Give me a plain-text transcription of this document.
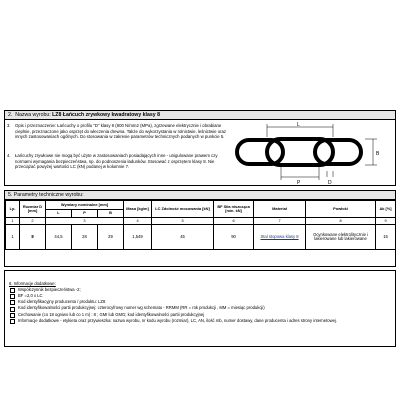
2. Nazwa wyrobu: LZ8 Łańcuch zrywkowy kwadratowy klasy 8
3. Opis i przeznaczenie: Łańcuchy o profilu "D" klasy 8 (800 N/mm2 (MPa), zgrzewane elektrycznie i obrabiane cieplnie, przeznaczone jako osprzęt do wleczenia drewna. Także do wykorzystania w rolnictwie, leśnictwie oraz innych zastosowaniach ogólnych. Do stosowania w zakresie parametrów technicznych podanych w punkcie 5.
4. Łańcuchy zrywkowe nie mogą być użyte w zastosowaniach posiadających inne - unigulowane prawem czy normami wymagania bezpieczeństwa, np. do podnoszenia ładunków. Stosować z osprzętem klasy 8. Nie przeciążać powyżej wartości LC (kN) podanej w kolumnie 7.
L
B
P	D
5. Parametry techniczne wyrobu:
Lp.	Rozmiar D [mm]	Wymiary nominalne [mm]			Masa [kg/m]	LC Zdolność mocowania [kN]	BF Siła niszcząca [min. kN]	Materiał	Powłoki	Ak [%]
		L	P	B						
1	2	3			4	5	6	7	8	9
1	8	44,5	28	29	1,549	45	90	Stal stopowa klasy 8	Ocynkowane elektrolitycznie i lakierowane lub lakierowane	15
6. Informacje dodatkowe:
Współczynnik bezpieczeństwa -2;
BF =2,0 x LC
Kod identyfikacyjny producenta / produktu: LZ8
Kod identyfikowalności partii produkcyjnej: czterocyfrowy numer wg schematu - RRMM (RR = rok produkcji , MM = miesiąc produkcji)
Cechowanie (co 18 ogniwo lub co 1 m) : 8 ; GMI lub GMG; kod identyfikowalności partii produkcyjnej
Informacje dodatkowe - etykieta oraz przywieszka: nazwa wyrobu, nr kodu wyrobu (rozmiar), LC, AN, ilość mb, numer dostawy, dane producenta i adres strony internetowej.
